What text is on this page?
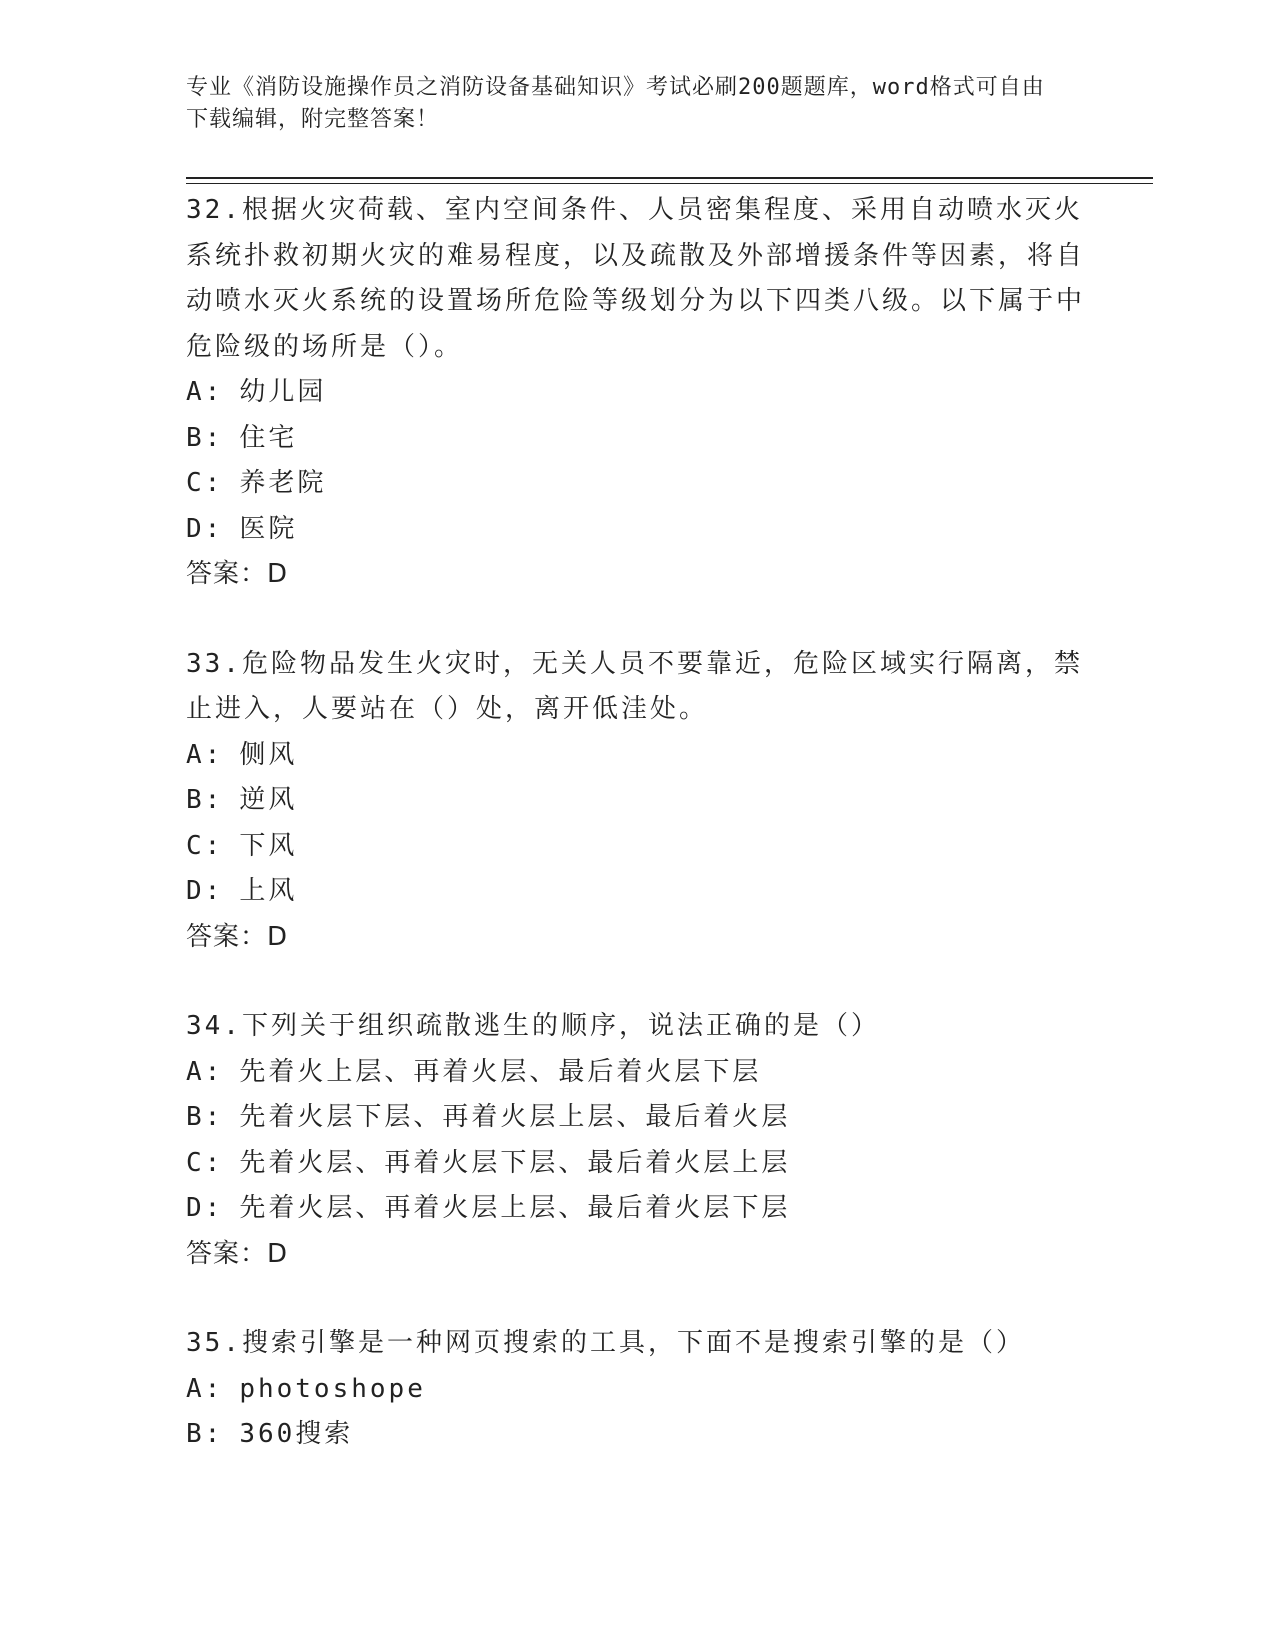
专业《消防设施操作员之消防设备基础知识》考试必刷200题题库，word格式可自由下载编辑，附完整答案！

32.根据火灾荷载、室内空间条件、人员密集程度、采用自动喷水灭火系统扑救初期火灾的难易程度，以及疏散及外部增援条件等因素，将自动喷水灭火系统的设置场所危险等级划分为以下四类八级。以下属于中危险级的场所是（）。

A: 幼儿园
B: 住宅
C: 养老院
D: 医院
答案：D

33.危险物品发生火灾时，无关人员不要靠近，危险区域实行隔离，禁止进入，人要站在（）处，离开低洼处。

A: 侧风
B: 逆风
C: 下风
D: 上风
答案：D

34.下列关于组织疏散逃生的顺序，说法正确的是（）

A: 先着火上层、再着火层、最后着火层下层
B: 先着火层下层、再着火层上层、最后着火层
C: 先着火层、再着火层下层、最后着火层上层
D: 先着火层、再着火层上层、最后着火层下层
答案：D

35.搜索引擎是一种网页搜索的工具，下面不是搜索引擎的是（）

A: photoshope
B: 360搜索
